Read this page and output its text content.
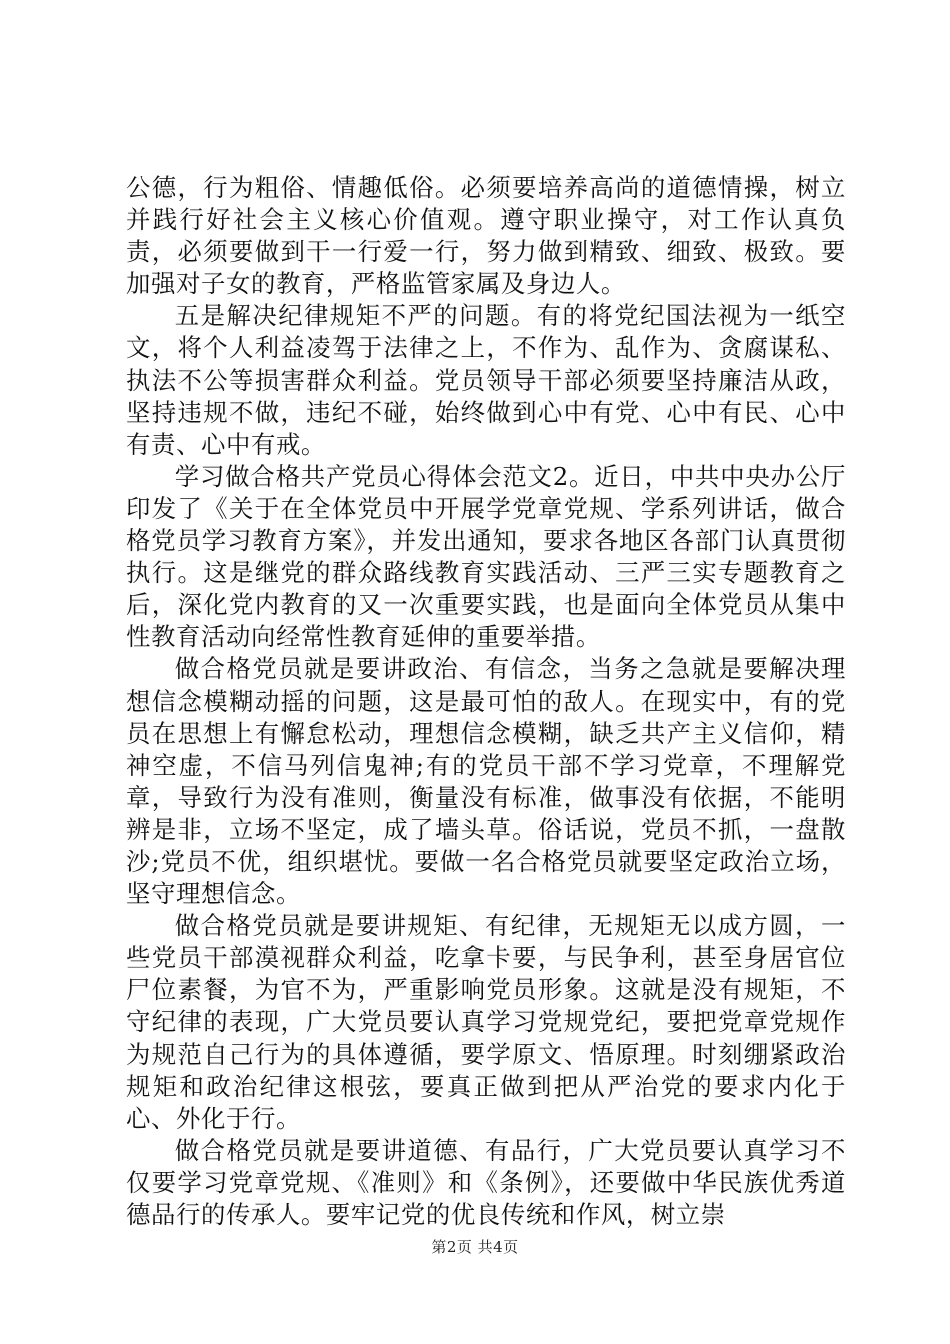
公德，行为粗俗、情趣低俗。必须要培养高尚的道德情操，树立并践行好社会主义核心价值观。遵守职业操守，对工作认真负责，必须要做到干一行爱一行，努力做到精致、细致、极致。要加强对子女的教育，严格监管家属及身边人。

五是解决纪律规矩不严的问题。有的将党纪国法视为一纸空文，将个人利益凌驾于法律之上，不作为、乱作为、贪腐谋私、执法不公等损害群众利益。党员领导干部必须要坚持廉洁从政，坚持违规不做，违纪不碰，始终做到心中有党、心中有民、心中有责、心中有戒。

学习做合格共产党员心得体会范文2。近日，中共中央办公厅印发了《关于在全体党员中开展学党章党规、学系列讲话，做合格党员学习教育方案》，并发出通知，要求各地区各部门认真贯彻执行。这是继党的群众路线教育实践活动、三严三实专题教育之后，深化党内教育的又一次重要实践，也是面向全体党员从集中性教育活动向经常性教育延伸的重要举措。

做合格党员就是要讲政治、有信念，当务之急就是要解决理想信念模糊动摇的问题，这是最可怕的敌人。在现实中，有的党员在思想上有懈怠松动，理想信念模糊，缺乏共产主义信仰，精神空虚，不信马列信鬼神;有的党员干部不学习党章，不理解党章，导致行为没有准则，衡量没有标准，做事没有依据，不能明辨是非，立场不坚定，成了墙头草。俗话说，党员不抓，一盘散沙;党员不优，组织堪忧。要做一名合格党员就要坚定政治立场，坚守理想信念。

做合格党员就是要讲规矩、有纪律，无规矩无以成方圆，一些党员干部漠视群众利益，吃拿卡要，与民争利，甚至身居官位尸位素餐，为官不为，严重影响党员形象。这就是没有规矩，不守纪律的表现，广大党员要认真学习党规党纪，要把党章党规作为规范自己行为的具体遵循，要学原文、悟原理。时刻绷紧政治规矩和政治纪律这根弦，要真正做到把从严治党的要求内化于心、外化于行。

做合格党员就是要讲道德、有品行，广大党员要认真学习不仅要学习党章党规、《准则》和《条例》，还要做中华民族优秀道德品行的传承人。要牢记党的优良传统和作风，树立崇

第2页 共4页
